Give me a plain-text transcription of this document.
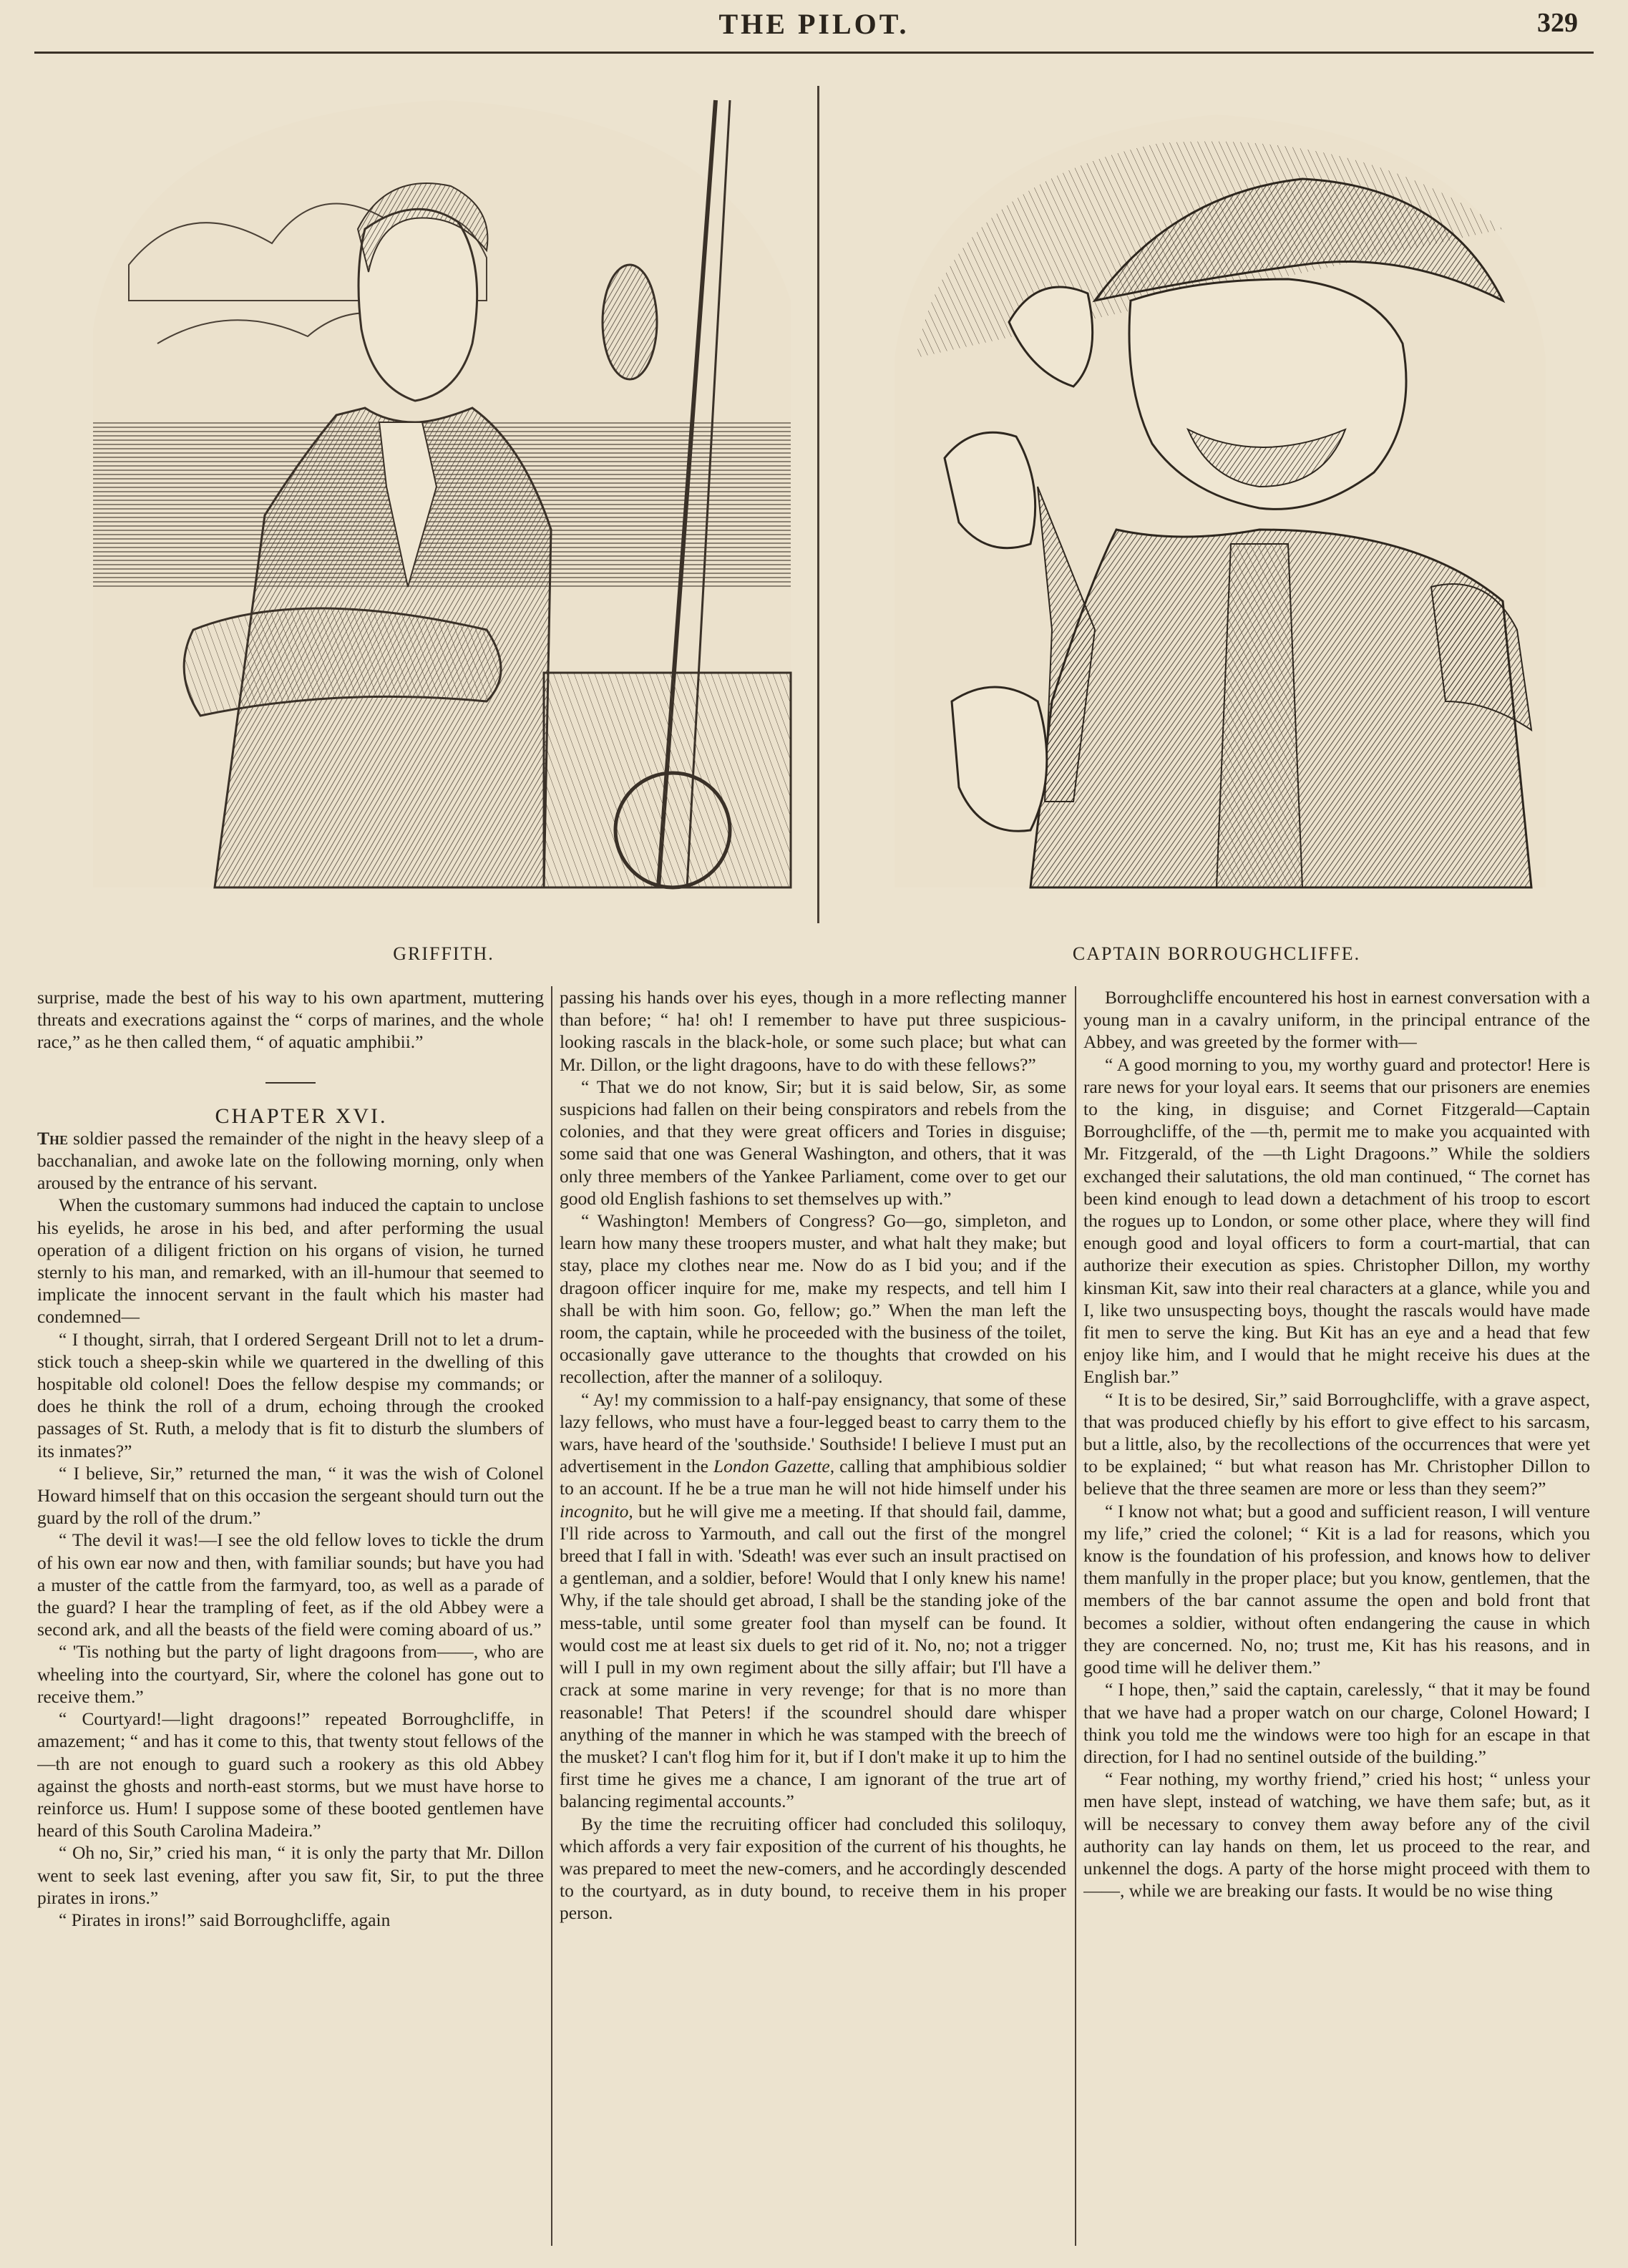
THE PILOT.	329
GRIFFITH.	CAPTAIN BORROUGHCLIFFE.

surprise, made the best of his way to his own apartment, muttering threats and execrations against the “ corps of marines, and the whole race,” as he then called them, “ of aquatic amphibii.”

CHAPTER XVI.

The soldier passed the remainder of the night in the heavy sleep of a bacchanalian, and awoke late on the following morning, only when aroused by the entrance of his servant.

When the customary summons had induced the captain to unclose his eyelids, he arose in his bed, and after performing the usual operation of a diligent friction on his organs of vision, he turned sternly to his man, and remarked, with an ill-humour that seemed to implicate the innocent servant in the fault which his master had condemned—

“ I thought, sirrah, that I ordered Sergeant Drill not to let a drum-stick touch a sheep-skin while we quartered in the dwelling of this hospitable old colonel! Does the fellow despise my commands; or does he think the roll of a drum, echoing through the crooked passages of St. Ruth, a melody that is fit to disturb the slumbers of its inmates?”

“ I believe, Sir,” returned the man, “ it was the wish of Colonel Howard himself that on this occasion the sergeant should turn out the guard by the roll of the drum.”

“ The devil it was!—I see the old fellow loves to tickle the drum of his own ear now and then, with familiar sounds; but have you had a muster of the cattle from the farmyard, too, as well as a parade of the guard? I hear the trampling of feet, as if the old Abbey were a second ark, and all the beasts of the field were coming aboard of us.”

“ 'Tis nothing but the party of light dragoons from——, who are wheeling into the courtyard, Sir, where the colonel has gone out to receive them.”

“ Courtyard!—light dragoons!” repeated Borroughcliffe, in amazement; “ and has it come to this, that twenty stout fellows of the —th are not enough to guard such a rookery as this old Abbey against the ghosts and north-east storms, but we must have horse to reinforce us. Hum! I suppose some of these booted gentlemen have heard of this South Carolina Madeira.”

“ Oh no, Sir,” cried his man, “ it is only the party that Mr. Dillon went to seek last evening, after you saw fit, Sir, to put the three pirates in irons.”

“ Pirates in irons!” said Borroughcliffe, again

passing his hands over his eyes, though in a more reflecting manner than before; “ ha! oh! I remember to have put three suspicious-looking rascals in the black-hole, or some such place; but what can Mr. Dillon, or the light dragoons, have to do with these fellows?”

“ That we do not know, Sir; but it is said below, Sir, as some suspicions had fallen on their being conspirators and rebels from the colonies, and that they were great officers and Tories in disguise; some said that one was General Washington, and others, that it was only three members of the Yankee Parliament, come over to get our good old English fashions to set themselves up with.”

“ Washington! Members of Congress? Go—go, simpleton, and learn how many these troopers muster, and what halt they make; but stay, place my clothes near me. Now do as I bid you; and if the dragoon officer inquire for me, make my respects, and tell him I shall be with him soon. Go, fellow; go.” When the man left the room, the captain, while he proceeded with the business of the toilet, occasionally gave utterance to the thoughts that crowded on his recollection, after the manner of a soliloquy.

“ Ay! my commission to a half-pay ensignancy, that some of these lazy fellows, who must have a four-legged beast to carry them to the wars, have heard of the 'southside.' Southside! I believe I must put an advertisement in the London Gazette, calling that amphibious soldier to an account. If he be a true man he will not hide himself under his incognito, but he will give me a meeting. If that should fail, damme, I'll ride across to Yarmouth, and call out the first of the mongrel breed that I fall in with. 'Sdeath! was ever such an insult practised on a gentleman, and a soldier, before! Would that I only knew his name! Why, if the tale should get abroad, I shall be the standing joke of the mess-table, until some greater fool than myself can be found. It would cost me at least six duels to get rid of it. No, no; not a trigger will I pull in my own regiment about the silly affair; but I'll have a crack at some marine in very revenge; for that is no more than reasonable! That Peters! if the scoundrel should dare whisper anything of the manner in which he was stamped with the breech of the musket? I can't flog him for it, but if I don't make it up to him the first time he gives me a chance, I am ignorant of the true art of balancing regimental accounts.”

By the time the recruiting officer had concluded this soliloquy, which affords a very fair exposition of the current of his thoughts, he was prepared to meet the new-comers, and he accordingly descended to the courtyard, as in duty bound, to receive them in his proper person.

Borroughcliffe encountered his host in earnest conversation with a young man in a cavalry uniform, in the principal entrance of the Abbey, and was greeted by the former with—

“ A good morning to you, my worthy guard and protector! Here is rare news for your loyal ears. It seems that our prisoners are enemies to the king, in disguise; and Cornet Fitzgerald—Captain Borroughcliffe, of the —th, permit me to make you acquainted with Mr. Fitzgerald, of the —th Light Dragoons.” While the soldiers exchanged their salutations, the old man continued, “ The cornet has been kind enough to lead down a detachment of his troop to escort the rogues up to London, or some other place, where they will find enough good and loyal officers to form a court-martial, that can authorize their execution as spies. Christopher Dillon, my worthy kinsman Kit, saw into their real characters at a glance, while you and I, like two unsuspecting boys, thought the rascals would have made fit men to serve the king. But Kit has an eye and a head that few enjoy like him, and I would that he might receive his dues at the English bar.”

“ It is to be desired, Sir,” said Borroughcliffe, with a grave aspect, that was produced chiefly by his effort to give effect to his sarcasm, but a little, also, by the recollections of the occurrences that were yet to be explained; “ but what reason has Mr. Christopher Dillon to believe that the three seamen are more or less than they seem?”

“ I know not what; but a good and sufficient reason, I will venture my life,” cried the colonel; “ Kit is a lad for reasons, which you know is the foundation of his profession, and knows how to deliver them manfully in the proper place; but you know, gentlemen, that the members of the bar cannot assume the open and bold front that becomes a soldier, without often endangering the cause in which they are concerned. No, no; trust me, Kit has his reasons, and in good time will he deliver them.”

“ I hope, then,” said the captain, carelessly, “ that it may be found that we have had a proper watch on our charge, Colonel Howard; I think you told me the windows were too high for an escape in that direction, for I had no sentinel outside of the building.”

“ Fear nothing, my worthy friend,” cried his host; “ unless your men have slept, instead of watching, we have them safe; but, as it will be necessary to convey them away before any of the civil authority can lay hands on them, let us proceed to the rear, and unkennel the dogs. A party of the horse might proceed with them to ——, while we are breaking our fasts. It would be no wise thing
